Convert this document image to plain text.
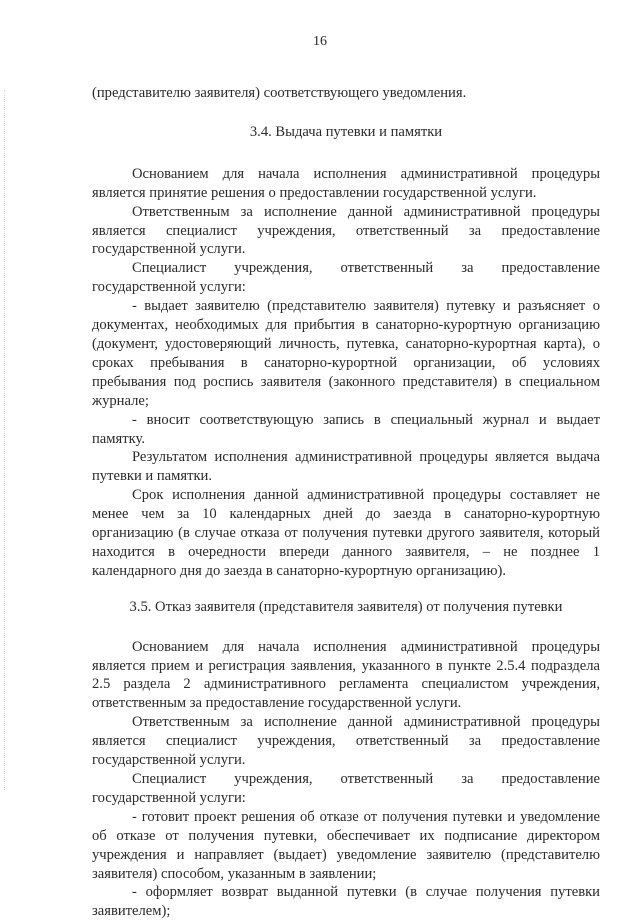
16

(представителю заявителя) соответствующего уведомления.

3.4. Выдача путевки и памятки

Основанием для начала исполнения административной процедуры является принятие решения о предоставлении государственной услуги.

Ответственным за исполнение данной административной процедуры является специалист учреждения, ответственный за предоставление государственной услуги.

Специалист учреждения, ответственный за предоставление государственной услуги:

- выдает заявителю (представителю заявителя) путевку и разъясняет о документах, необходимых для прибытия в санаторно-курортную организацию (документ, удостоверяющий личность, путевка, санаторно-курортная карта), о сроках пребывания в санаторно-курортной организации, об условиях пребывания под роспись заявителя (законного представителя) в специальном журнале;

- вносит соответствующую запись в специальный журнал и выдает памятку.

Результатом исполнения административной процедуры является выдача путевки и памятки.

Срок исполнения данной административной процедуры составляет не менее чем за 10 календарных дней до заезда в санаторно-курортную организацию (в случае отказа от получения путевки другого заявителя, который находится в очередности впереди данного заявителя, – не позднее 1 календарного дня до заезда в санаторно-курортную организацию).

3.5. Отказ заявителя (представителя заявителя) от получения путевки

Основанием для начала исполнения административной процедуры является прием и регистрация заявления, указанного в пункте 2.5.4 подраздела 2.5 раздела 2 административного регламента специалистом учреждения, ответственным за предоставление государственной услуги.

Ответственным за исполнение данной административной процедуры является специалист учреждения, ответственный за предоставление государственной услуги.

Специалист учреждения, ответственный за предоставление государственной услуги:

- готовит проект решения об отказе от получения путевки и уведомление об отказе от получения путевки, обеспечивает их подписание директором учреждения и направляет (выдает) уведомление заявителю (представителю заявителя) способом, указанным в заявлении;

- оформляет возврат выданной путевки (в случае получения путевки заявителем);
